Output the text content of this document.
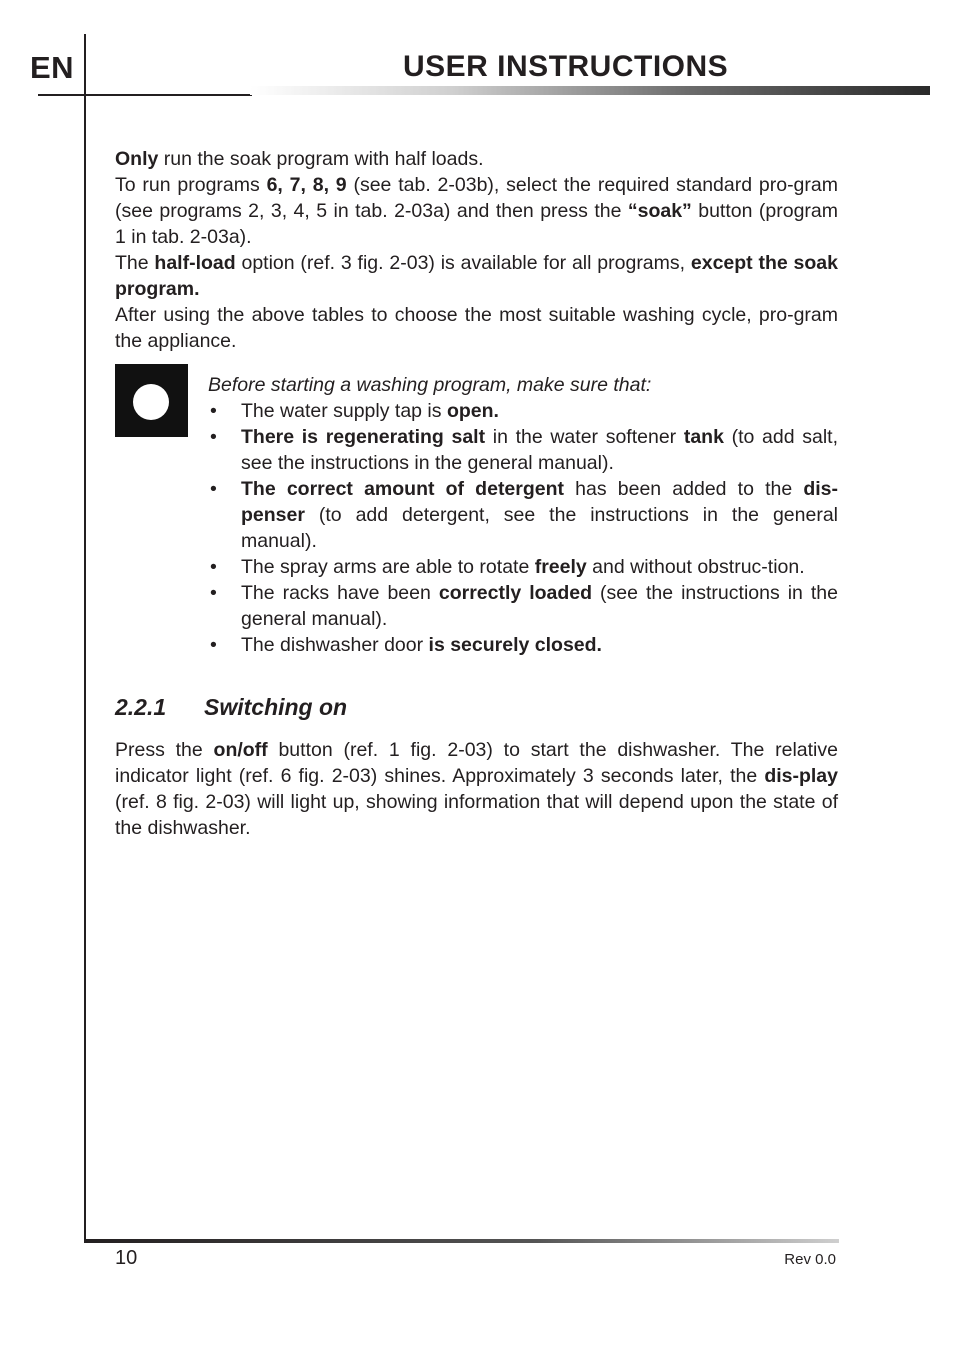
EN	USER INSTRUCTIONS

Only run the soak program with half loads.

To run programs 6, 7, 8, 9 (see tab. 2-03b), select the required standard pro-gram (see programs 2, 3, 4, 5 in tab. 2-03a) and then press the “soak” button (program 1 in tab. 2-03a).

The half-load option (ref. 3 fig. 2-03) is available for all programs, except the soak program.

After using the above tables to choose the most suitable washing cycle, pro-gram the appliance.

Before starting a washing program, make sure that:

• The water supply tap is open.
• There is regenerating salt in the water softener tank (to add salt, see the instructions in the general manual).
• The correct amount of detergent has been added to the dis-penser (to add detergent, see the instructions in the general manual).
• The spray arms are able to rotate freely and without obstruc-tion.
• The racks have been correctly loaded (see the instructions in the general manual).
• The dishwasher door is securely closed.
2.2.1 Switching on

Press the on/off button (ref. 1 fig. 2-03) to start the dishwasher. The relative indicator light (ref. 6 fig. 2-03) shines. Approximately 3 seconds later, the dis-play (ref. 8 fig. 2-03) will light up, showing information that will depend upon the state of the dishwasher.

10	Rev 0.0
